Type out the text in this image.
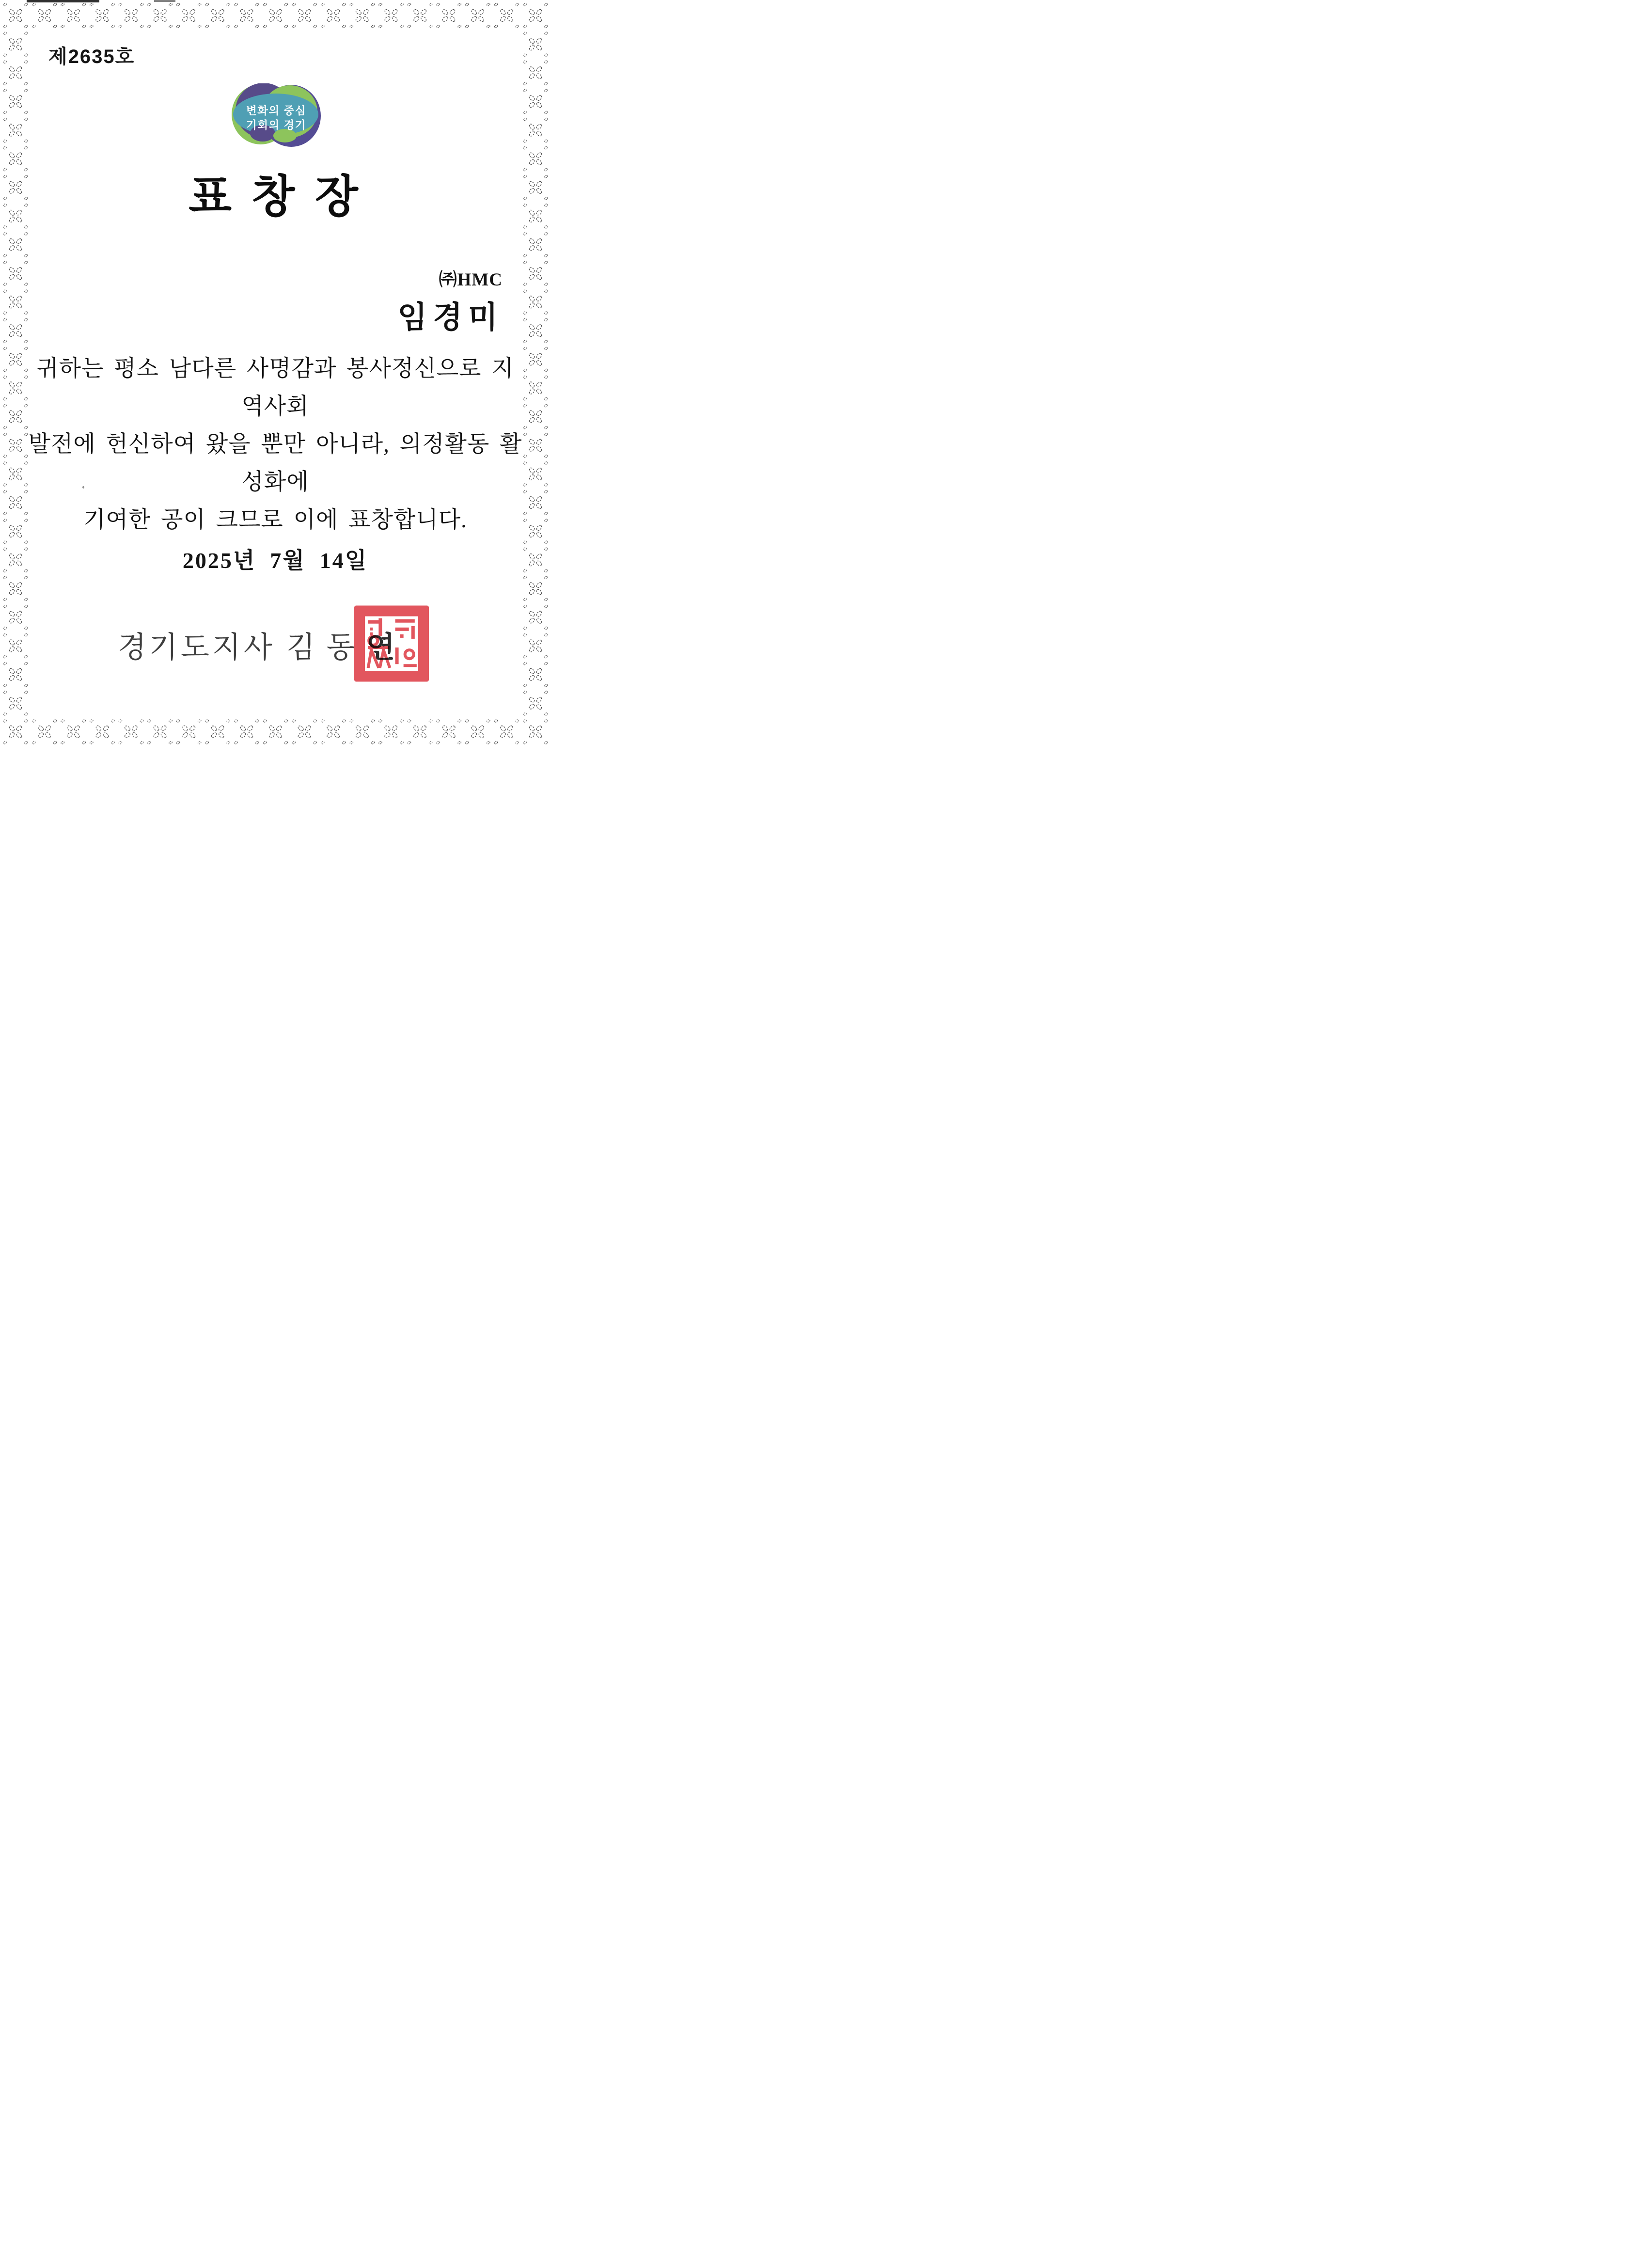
제2635호
변화의 중심
기회의 경기
표 창 장
㈜HMC
임경미
귀하는 평소 남다른 사명감과 봉사정신으로 지역사회
발전에 헌신하여 왔을 뿐만 아니라, 의정활동 활성화에
기여한 공이 크므로 이에 표창합니다.
2025년  7월  14일
경기도지사 김 동 연
